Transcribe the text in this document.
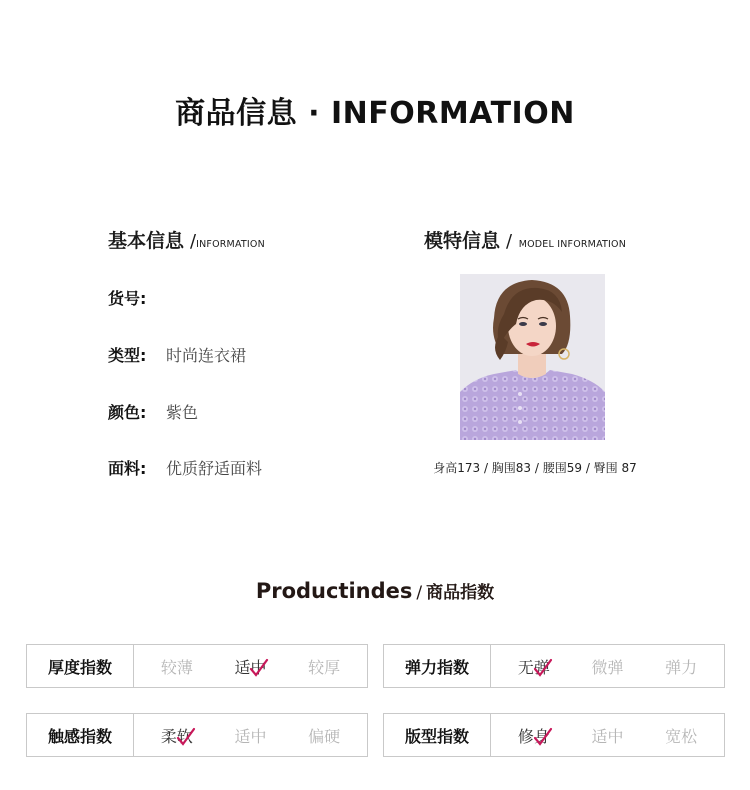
商品信息 · INFORMATION
基本信息 /INFORMATION
货号:
类型: 时尚连衣裙
颜色: 紫色
面料: 优质舒适面料
模特信息 / MODEL INFORMATION
身高173 / 胸围83 / 腰围59 / 臀围 87
Productindes / 商品指数
厚度指数	较薄	适中	较厚	弹力指数	无弹	微弹	弹力
触感指数	柔软	适中	偏硬	版型指数	修身	适中	宽松
